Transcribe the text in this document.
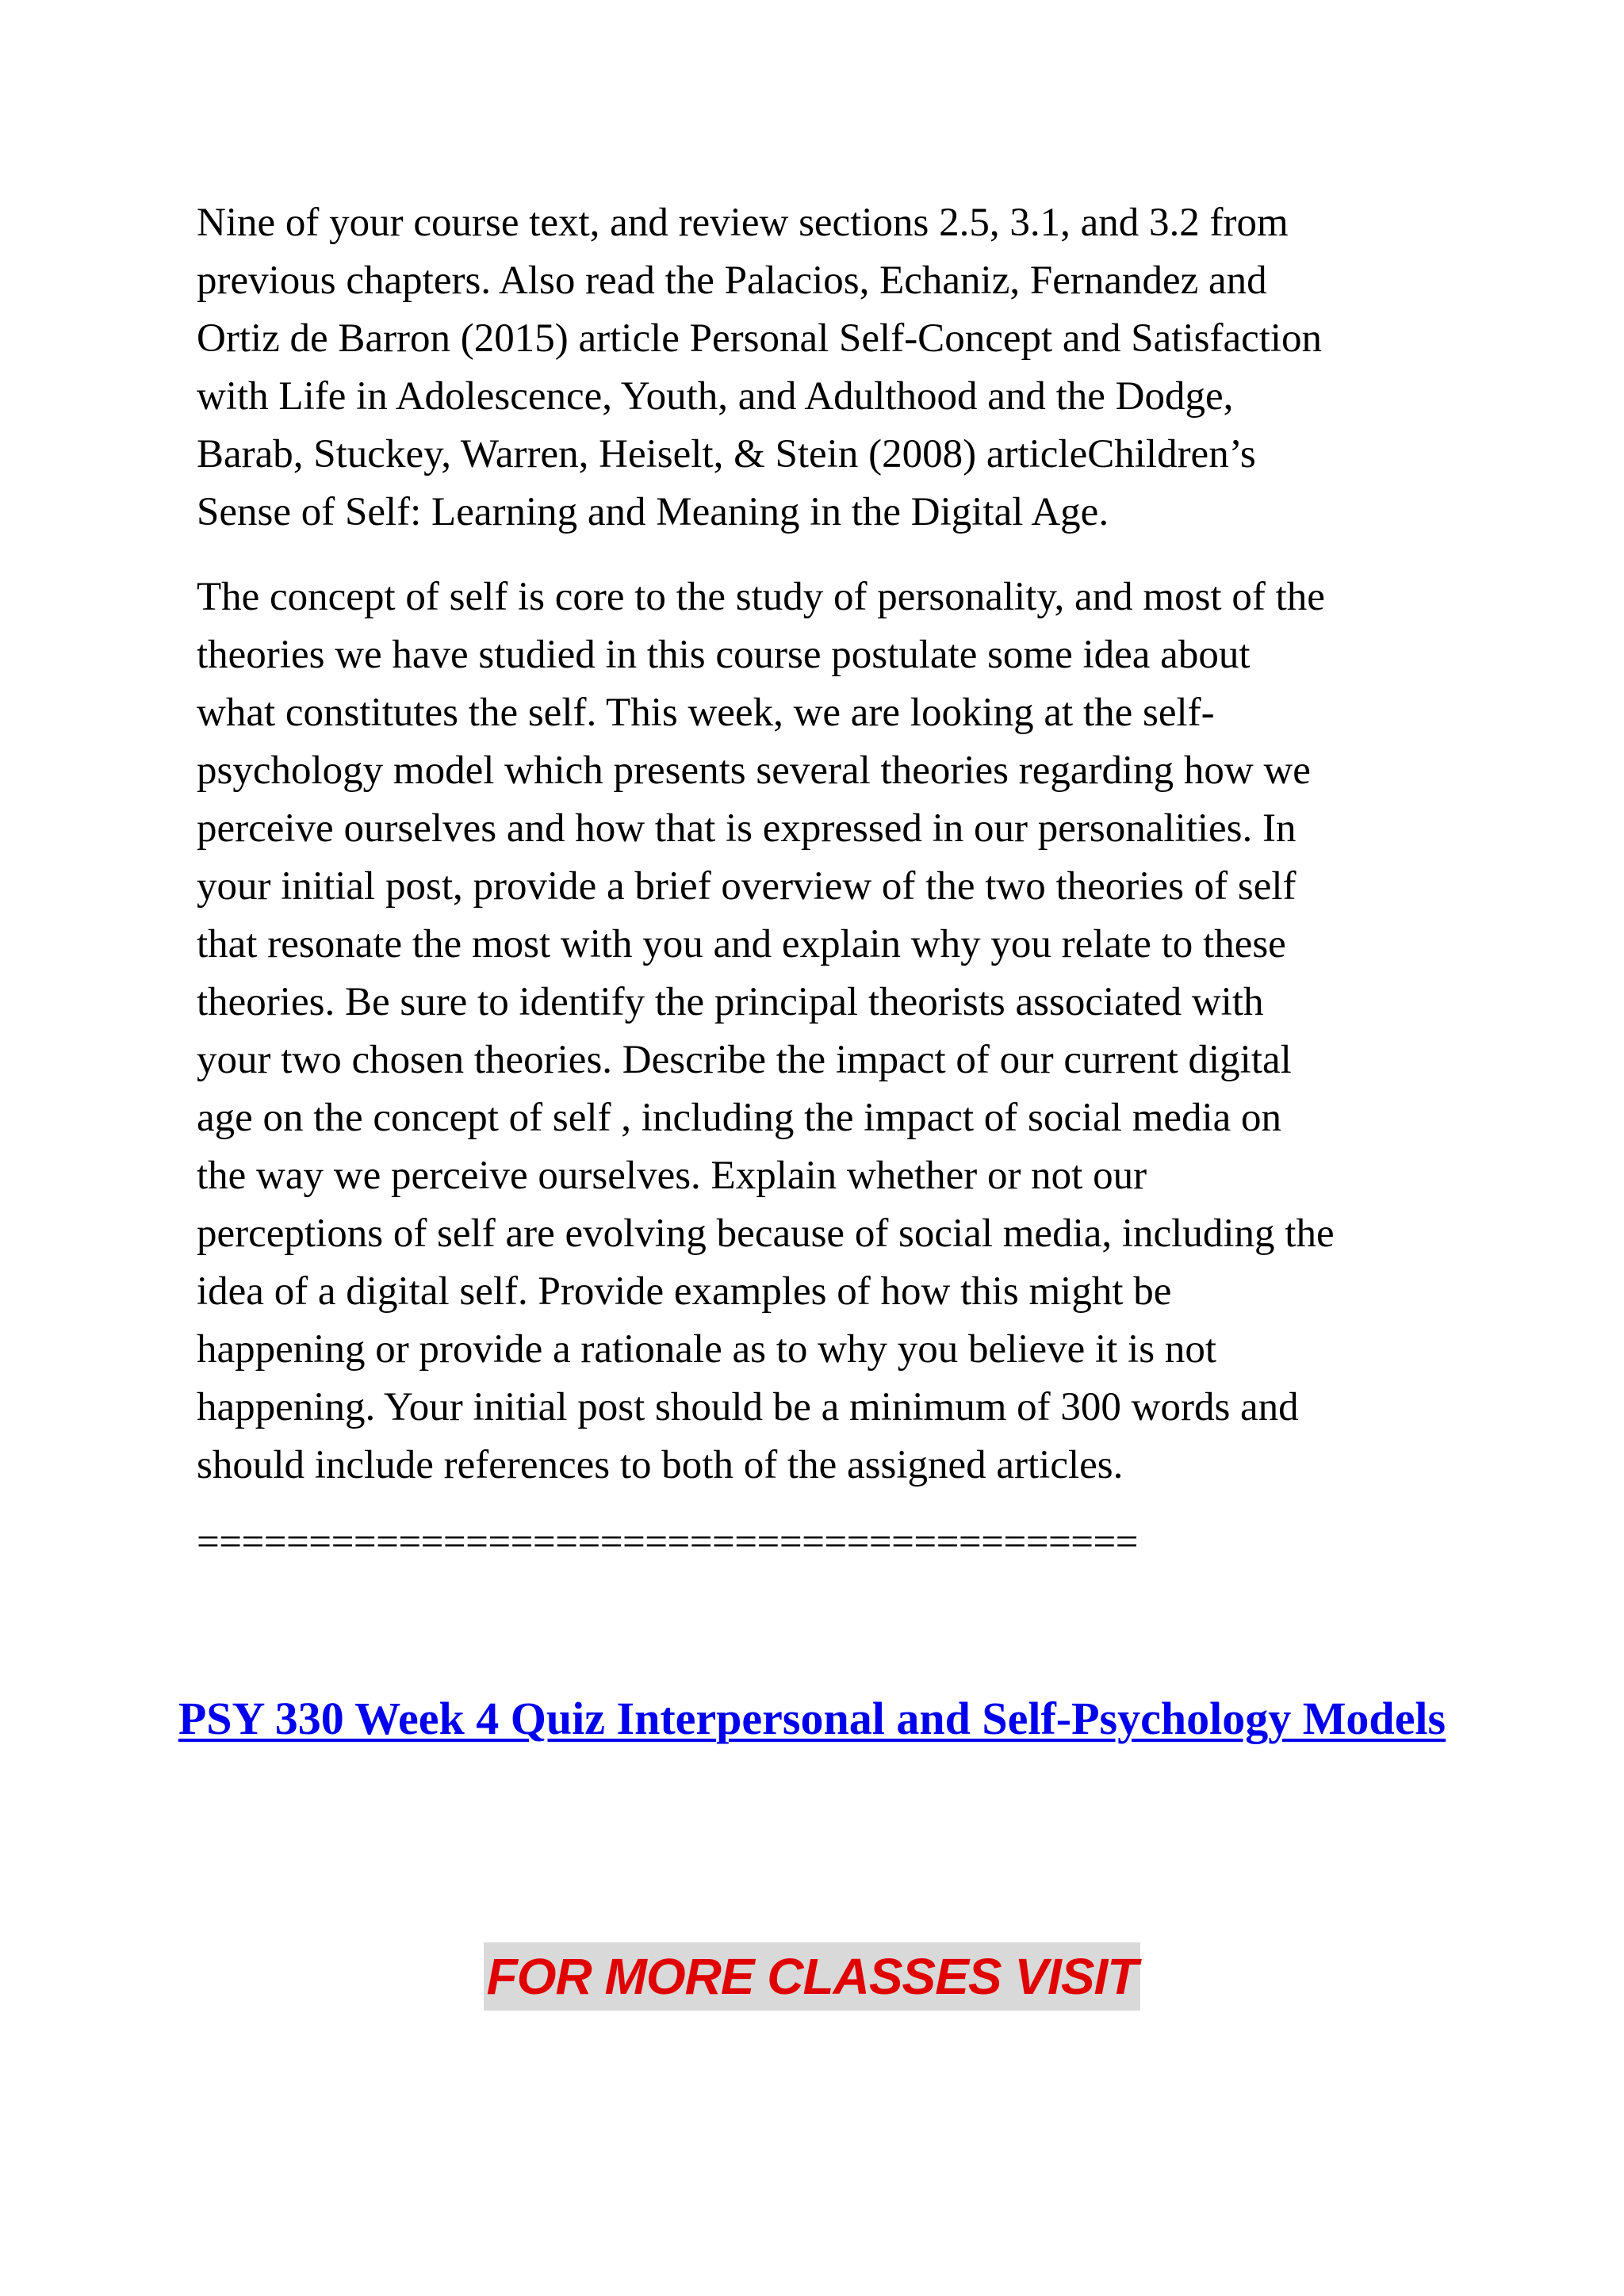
Nine of your course text, and review sections 2.5, 3.1, and 3.2 from
previous chapters. Also read the Palacios, Echaniz, Fernandez and
Ortiz de Barron (2015) article Personal Self-Concept and Satisfaction
with Life in Adolescence, Youth, and Adulthood and the Dodge,
Barab, Stuckey, Warren, Heiselt, & Stein (2008) articleChildren’s
Sense of Self: Learning and Meaning in the Digital Age.

The concept of self is core to the study of personality, and most of the
theories we have studied in this course postulate some idea about
what constitutes the self. This week, we are looking at the self-
psychology model which presents several theories regarding how we
perceive ourselves and how that is expressed in our personalities. In
your initial post, provide a brief overview of the two theories of self
that resonate the most with you and explain why you relate to these
theories. Be sure to identify the principal theorists associated with
your two chosen theories. Describe the impact of our current digital
age on the concept of self , including the impact of social media on
the way we perceive ourselves. Explain whether or not our
perceptions of self are evolving because of social media, including the
idea of a digital self. Provide examples of how this might be
happening or provide a rationale as to why you believe it is not
happening. Your initial post should be a minimum of 300 words and
should include references to both of the assigned articles.

==========================================

PSY 330 Week 4 Quiz Interpersonal and Self-Psychology Models
FOR MORE CLASSES VISIT
